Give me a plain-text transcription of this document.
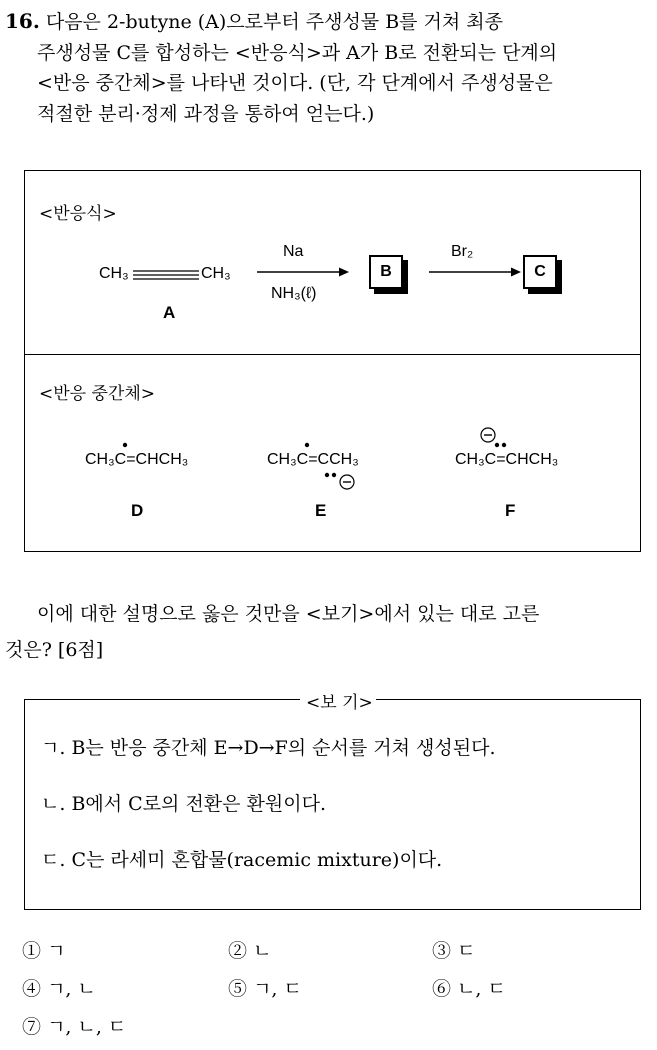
16. 다음은 2-butyne (A)으로부터 주생성물 B를 거쳐 최종
주생성물 C를 합성하는 <반응식>과 A가 B로 전환되는 단계의
<반응 중간체>를 나타낸 것이다. (단, 각 단계에서 주생성물은
적절한 분리·정제 과정을 통하여 얻는다.)
<반응식>
CH₃	CH₃
A
Na
NH₃(ℓ)
B
Br₂
C
<반응 중간체>
CH₃C=CHCH₃
D
CH₃C=CCH₃
E
CH₃C=CHCH₃
F
이에 대한 설명으로 옳은 것만을 <보기>에서 있는 대로 고른
것은? [6점]
<보 기>
ㄱ. B는 반응 중간체 E→D→F의 순서를 거쳐 생성된다.
ㄴ. B에서 C로의 전환은 환원이다.
ㄷ. C는 라세미 혼합물(racemic mixture)이다.
① ㄱ	② ㄴ	③ ㄷ
④ ㄱ, ㄴ	⑤ ㄱ, ㄷ	⑥ ㄴ, ㄷ
⑦ ㄱ, ㄴ, ㄷ
